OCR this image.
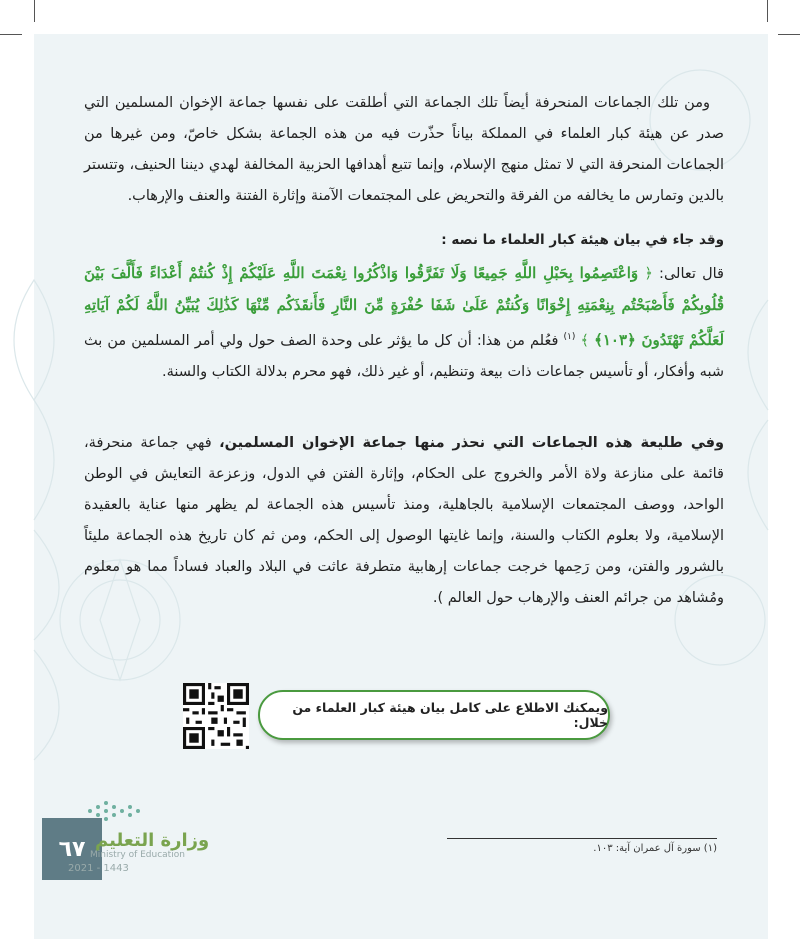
ومن تلك الجماعات المنحرفة أيضاً تلك الجماعة التي أطلقت على نفسها جماعة الإخوان المسلمين التي صدر عن هيئة كبار العلماء في المملكة بياناً حذّرت فيه من هذه الجماعة بشكل خاصّ، ومن غيرها من الجماعات المنحرفة التي لا تمثل منهج الإسلام، وإنما تتبع أهدافها الحزبية المخالفة لهدي ديننا الحنيف، وتتستر بالدين وتمارس ما يخالفه من الفرقة والتحريض على المجتمعات الآمنة وإثارة الفتنة والعنف والإرهاب.

وقد جاء في بيان هيئة كبار العلماء ما نصه :

قال تعالى: ﴿ وَاعْتَصِمُوا بِحَبْلِ اللَّهِ جَمِيعًا وَلَا تَفَرَّقُوا وَاذْكُرُوا نِعْمَتَ اللَّهِ عَلَيْكُمْ إِذْ كُنتُمْ أَعْدَاءً فَأَلَّفَ بَيْنَ قُلُوبِكُمْ فَأَصْبَحْتُم بِنِعْمَتِهِ إِخْوَانًا وَكُنتُمْ عَلَىٰ شَفَا حُفْرَةٍ مِّنَ النَّارِ فَأَنقَذَكُم مِّنْهَا كَذَٰلِكَ يُبَيِّنُ اللَّهُ لَكُمْ آيَاتِهِ لَعَلَّكُمْ تَهْتَدُونَ ﴿١٠٣﴾ ﴾ $^{(١)}$ فعُلم من هذا: أن كل ما يؤثر على وحدة الصف حول ولي أمر المسلمين من بث شبه وأفكار، أو تأسيس جماعات ذات بيعة وتنظيم، أو غير ذلك، فهو محرم بدلالة الكتاب والسنة.

وفي طليعة هذه الجماعات التي نحذر منها جماعة الإخوان المسلمين، فهي جماعة منحرفة، قائمة على منازعة ولاة الأمر والخروج على الحكام، وإثارة الفتن في الدول، وزعزعة التعايش في الوطن الواحد، ووصف المجتمعات الإسلامية بالجاهلية، ومنذ تأسيس هذه الجماعة لم يظهر منها عناية بالعقيدة الإسلامية، ولا بعلوم الكتاب والسنة، وإنما غايتها الوصول إلى الحكم، ومن ثم كان تاريخ هذه الجماعة مليئاً بالشرور والفتن، ومن رَحِمها خرجت جماعات إرهابية متطرفة عاثت في البلاد والعباد فساداً مما هو معلوم ومُشاهد من جرائم العنف والإرهاب حول العالم ).

ويمكنك الاطلاع على كامل بيان هيئة كبار العلماء من خلال:
(١) سورة آل عمران آية: ١٠٣.
٦٧ وزارة التعليم
Ministry of Education
2021 - 1443
